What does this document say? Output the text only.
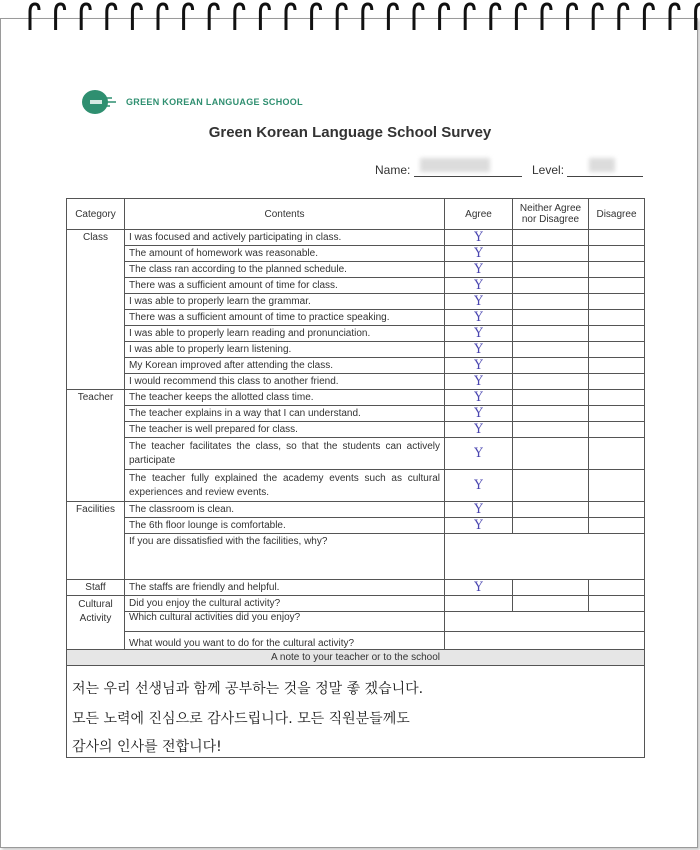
GREEN KOREAN LANGUAGE SCHOOL
Green Korean Language School Survey
Name:	Level:
Category	Contents	Agree	Neither Agree nor Disagree	Disagree
Class	I was focused and actively participating in class.	Y		
	The amount of homework was reasonable.	Y		
	The class ran according to the planned schedule.	Y		
	There was a sufficient amount of time for class.	Y		
	I was able to properly learn the grammar.	Y		
	There was a sufficient amount of time to practice speaking.	Y		
	I was able to properly learn reading and pronunciation.	Y		
	I was able to properly learn listening.	Y		
	My Korean improved after attending the class.	Y		
	I would recommend this class to another friend.	Y		
Teacher	The teacher keeps the allotted class time.	Y		
	The teacher explains in a way that I can understand.	Y		
	The teacher is well prepared for class.	Y		
	The teacher facilitates the class, so that the students can actively participate	Y		
	The teacher fully explained the academy events such as cultural experiences and review events.	Y		
Facilities	The classroom is clean.	Y		
	The 6th floor lounge is comfortable.	Y		
	If you are dissatisfied with the facilities, why?			
Staff	The staffs are friendly and helpful.	Y		
Cultural Activity	Did you enjoy the cultural activity?			
	Which cultural activities did you enjoy?			
	What would you want to do for the cultural activity?			
A note to your teacher or to the school				

저는 우리 선생님과 함께 공부하는 것을 정말 좋 겠습니다.
모든 노력에 진심으로 감사드립니다. 모든 직원분들께도
감사의 인사를 전합니다!
